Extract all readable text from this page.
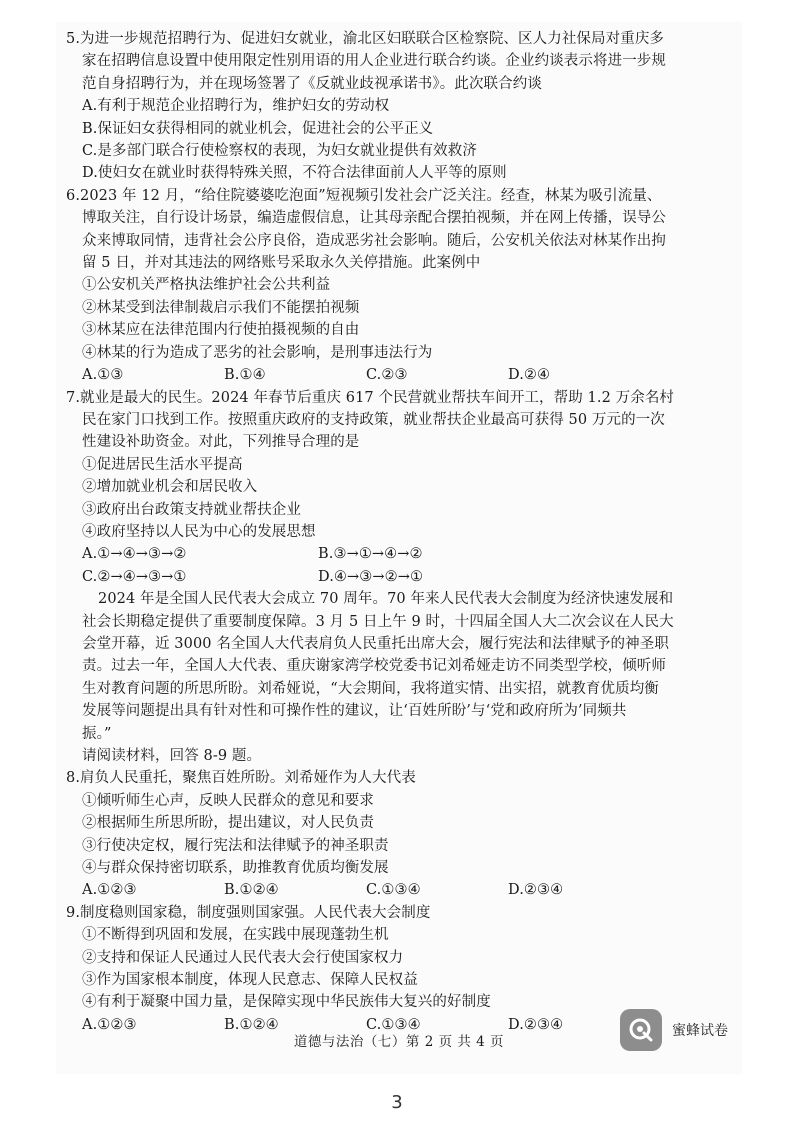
5.为进一步规范招聘行为、促进妇女就业，渝北区妇联联合区检察院、区人力社保局对重庆多
家在招聘信息设置中使用限定性别用语的用人企业进行联合约谈。企业约谈表示将进一步规
范自身招聘行为，并在现场签署了《反就业歧视承诺书》。此次联合约谈
A.有利于规范企业招聘行为，维护妇女的劳动权
B.保证妇女获得相同的就业机会，促进社会的公平正义
C.是多部门联合行使检察权的表现，为妇女就业提供有效救济
D.使妇女在就业时获得特殊关照，不符合法律面前人人平等的原则
6.2023 年 12 月，“给住院婆婆吃泡面”短视频引发社会广泛关注。经查，林某为吸引流量、
博取关注，自行设计场景，编造虚假信息，让其母亲配合摆拍视频，并在网上传播，误导公
众来博取同情，违背社会公序良俗，造成恶劣社会影响。随后，公安机关依法对林某作出拘
留 5 日，并对其违法的网络账号采取永久关停措施。此案例中
①公安机关严格执法维护社会公共利益
②林某受到法律制裁启示我们不能摆拍视频
③林某应在法律范围内行使拍摄视频的自由
④林某的行为造成了恶劣的社会影响，是刑事违法行为
A.①③	B.①④	C.②③	D.②④
7.就业是最大的民生。2024 年春节后重庆 617 个民营就业帮扶车间开工，帮助 1.2 万余名村
民在家门口找到工作。按照重庆政府的支持政策，就业帮扶企业最高可获得 50 万元的一次
性建设补助资金。对此，下列推导合理的是
①促进居民生活水平提高
②增加就业机会和居民收入
③政府出台政策支持就业帮扶企业
④政府坚持以人民为中心的发展思想
A.①→④→③→②	B.③→①→④→②
C.②→④→③→①	D.④→③→②→①
2024 年是全国人民代表大会成立 70 周年。70 年来人民代表大会制度为经济快速发展和
社会长期稳定提供了重要制度保障。3 月 5 日上午 9 时，十四届全国人大二次会议在人民大
会堂开幕，近 3000 名全国人大代表肩负人民重托出席大会，履行宪法和法律赋予的神圣职
责。过去一年，全国人大代表、重庆谢家湾学校党委书记刘希娅走访不同类型学校，倾听师
生对教育问题的所思所盼。刘希娅说，“大会期间，我将道实情、出实招，就教育优质均衡
发展等问题提出具有针对性和可操作性的建议，让‘百姓所盼’与‘党和政府所为’同频共
振。”
请阅读材料，回答 8-9 题。
8.肩负人民重托，聚焦百姓所盼。刘希娅作为人大代表
①倾听师生心声，反映人民群众的意见和要求
②根据师生所思所盼，提出建议，对人民负责
③行使决定权，履行宪法和法律赋予的神圣职责
④与群众保持密切联系，助推教育优质均衡发展
A.①②③	B.①②④	C.①③④	D.②③④
9.制度稳则国家稳，制度强则国家强。人民代表大会制度
①不断得到巩固和发展，在实践中展现蓬勃生机
②支持和保证人民通过人民代表大会行使国家权力
③作为国家根本制度，体现人民意志、保障人民权益
④有利于凝聚中国力量，是保障实现中华民族伟大复兴的好制度
A.①②③	B.①②④	C.①③④	D.②③④
道德与法治（七）第 2 页 共 4 页
蜜蜂试卷
3
